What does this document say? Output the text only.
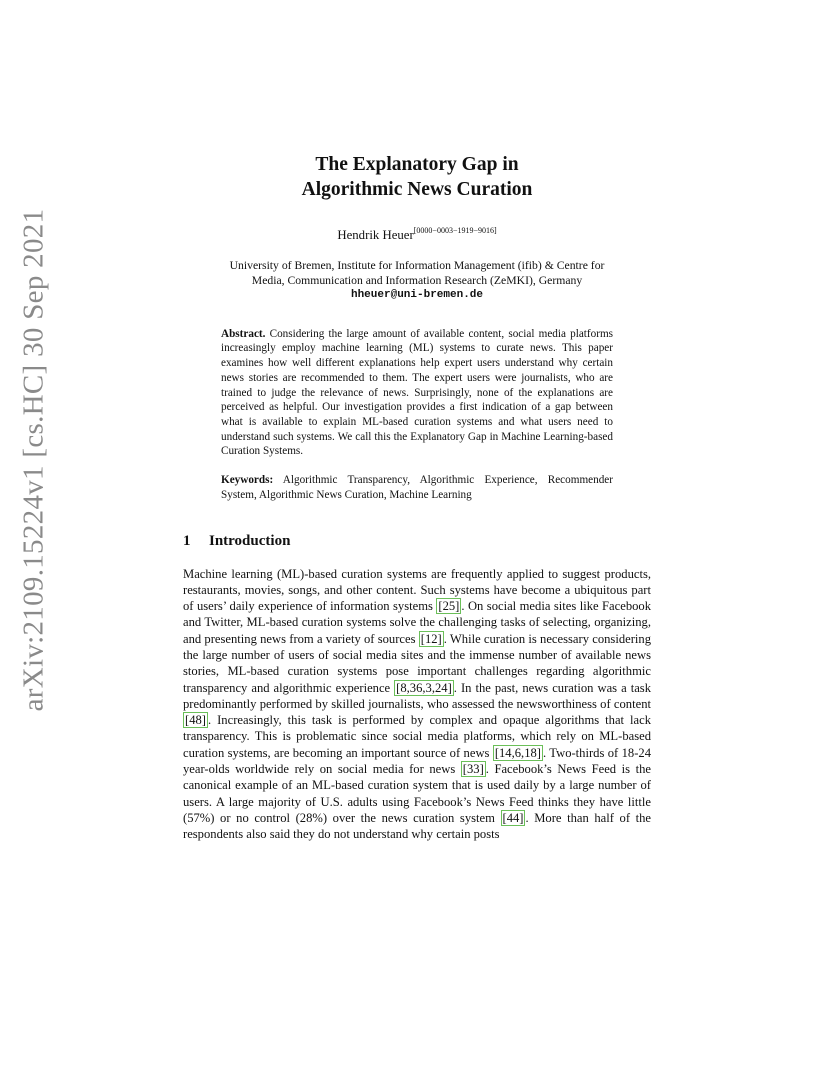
arXiv:2109.15224v1 [cs.HC] 30 Sep 2021
The Explanatory Gap in
Algorithmic News Curation
Hendrik Heuer[0000−0003−1919−9016]
University of Bremen, Institute for Information Management (ifib) & Centre for
Media, Communication and Information Research (ZeMKI), Germany
hheuer@uni-bremen.de
Abstract. Considering the large amount of available content, social media platforms increasingly employ machine learning (ML) systems to curate news. This paper examines how well different explanations help expert users understand why certain news stories are recommended to them. The expert users were journalists, who are trained to judge the relevance of news. Surprisingly, none of the explanations are perceived as helpful. Our investigation provides a first indication of a gap between what is available to explain ML-based curation systems and what users need to understand such systems. We call this the Explanatory Gap in Machine Learning-based Curation Systems.
Keywords: Algorithmic Transparency, Algorithmic Experience, Recommender System, Algorithmic News Curation, Machine Learning
1 Introduction
Machine learning (ML)-based curation systems are frequently applied to suggest products, restaurants, movies, songs, and other content. Such systems have become a ubiquitous part of users’ daily experience of information systems [25] . On social media sites like Facebook and Twitter, ML-based curation systems solve the challenging tasks of selecting, organizing, and presenting news from a variety of sources [12] . While curation is necessary considering the large number of users of social media sites and the immense number of available news stories, ML-based curation systems pose important challenges regarding algorithmic transparency and algorithmic experience [8,36,3,24] . In the past, news curation was a task predominantly performed by skilled journalists, who assessed the newsworthiness of content [48] . Increasingly, this task is performed by complex and opaque algorithms that lack transparency. This is problematic since social media platforms, which rely on ML-based curation systems, are becoming an important source of news [14,6,18] . Two-thirds of 18-24 year-olds worldwide rely on social media for news [33] . Facebook’s News Feed is the canonical example of an ML-based curation system that is used daily by a large number of users. A large majority of U.S. adults using Facebook’s News Feed thinks they have little (57%) or no control (28%) over the news curation system [44] . More than half of the respondents also said they do not understand why certain posts
